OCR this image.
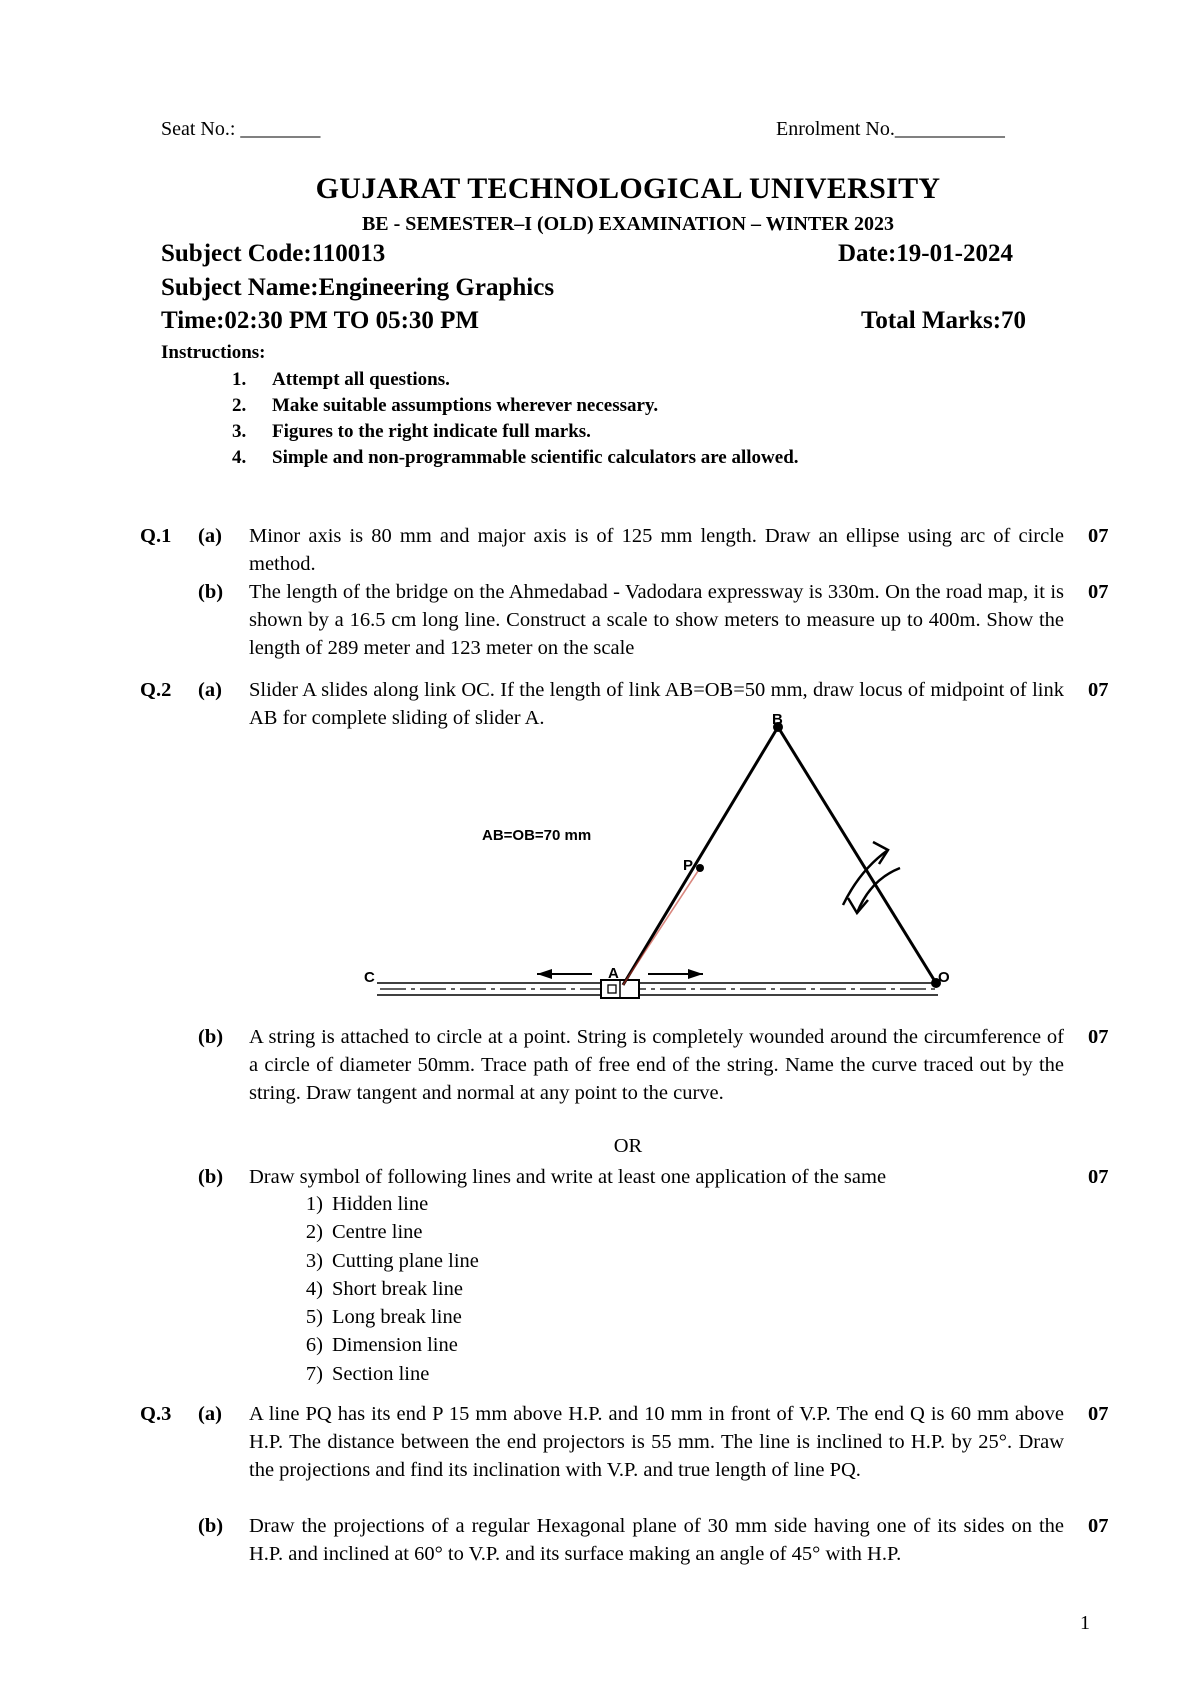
Seat No.: ________	Enrolment No.___________
GUJARAT TECHNOLOGICAL UNIVERSITY
BE - SEMESTER–I (OLD) EXAMINATION – WINTER 2023
Subject Code:110013	Date:19-01-2024
Subject Name:Engineering Graphics
Time:02:30 PM TO 05:30 PM	Total Marks:70
Instructions:
1. Attempt all questions.
2. Make suitable assumptions wherever necessary.
3. Figures to the right indicate full marks.
4. Simple and non-programmable scientific calculators are allowed.
Q.1 (a) Minor axis is 80 mm and major axis is of 125 mm length. Draw an ellipse using arc of circle method.
07
(b) The length of the bridge on the Ahmedabad - Vadodara expressway is 330m. On the road map, it is shown by a 16.5 cm long line. Construct a scale to show meters to measure up to 400m. Show the length of 289 meter and 123 meter on the scale
07
Q.2 (a) Slider A slides along link OC. If the length of link AB=OB=50 mm, draw locus of midpoint of link AB for complete sliding of slider A.
07
AB=OB=70 mm
B
P
C	A	O
(b) A string is attached to circle at a point. String is completely wounded around the circumference of a circle of diameter 50mm. Trace path of free end of the string. Name the curve traced out by the string. Draw tangent and normal at any point to the curve.
07
OR
(b) Draw symbol of following lines and write at least one application of the same	07
1) Hidden line
2) Centre line
3) Cutting plane line
4) Short break line
5) Long break line
6) Dimension line
7) Section line
Q.3 (a) A line PQ has its end P 15 mm above H.P. and 10 mm in front of V.P. The end Q is 60 mm above H.P. The distance between the end projectors is 55 mm. The line is inclined to H.P. by 25°. Draw the projections and find its inclination with V.P. and true length of line PQ.
07
(b) Draw the projections of a regular Hexagonal plane of 30 mm side having one of its sides on the H.P. and inclined at 60° to V.P. and its surface making an angle of 45° with H.P.
07
1
